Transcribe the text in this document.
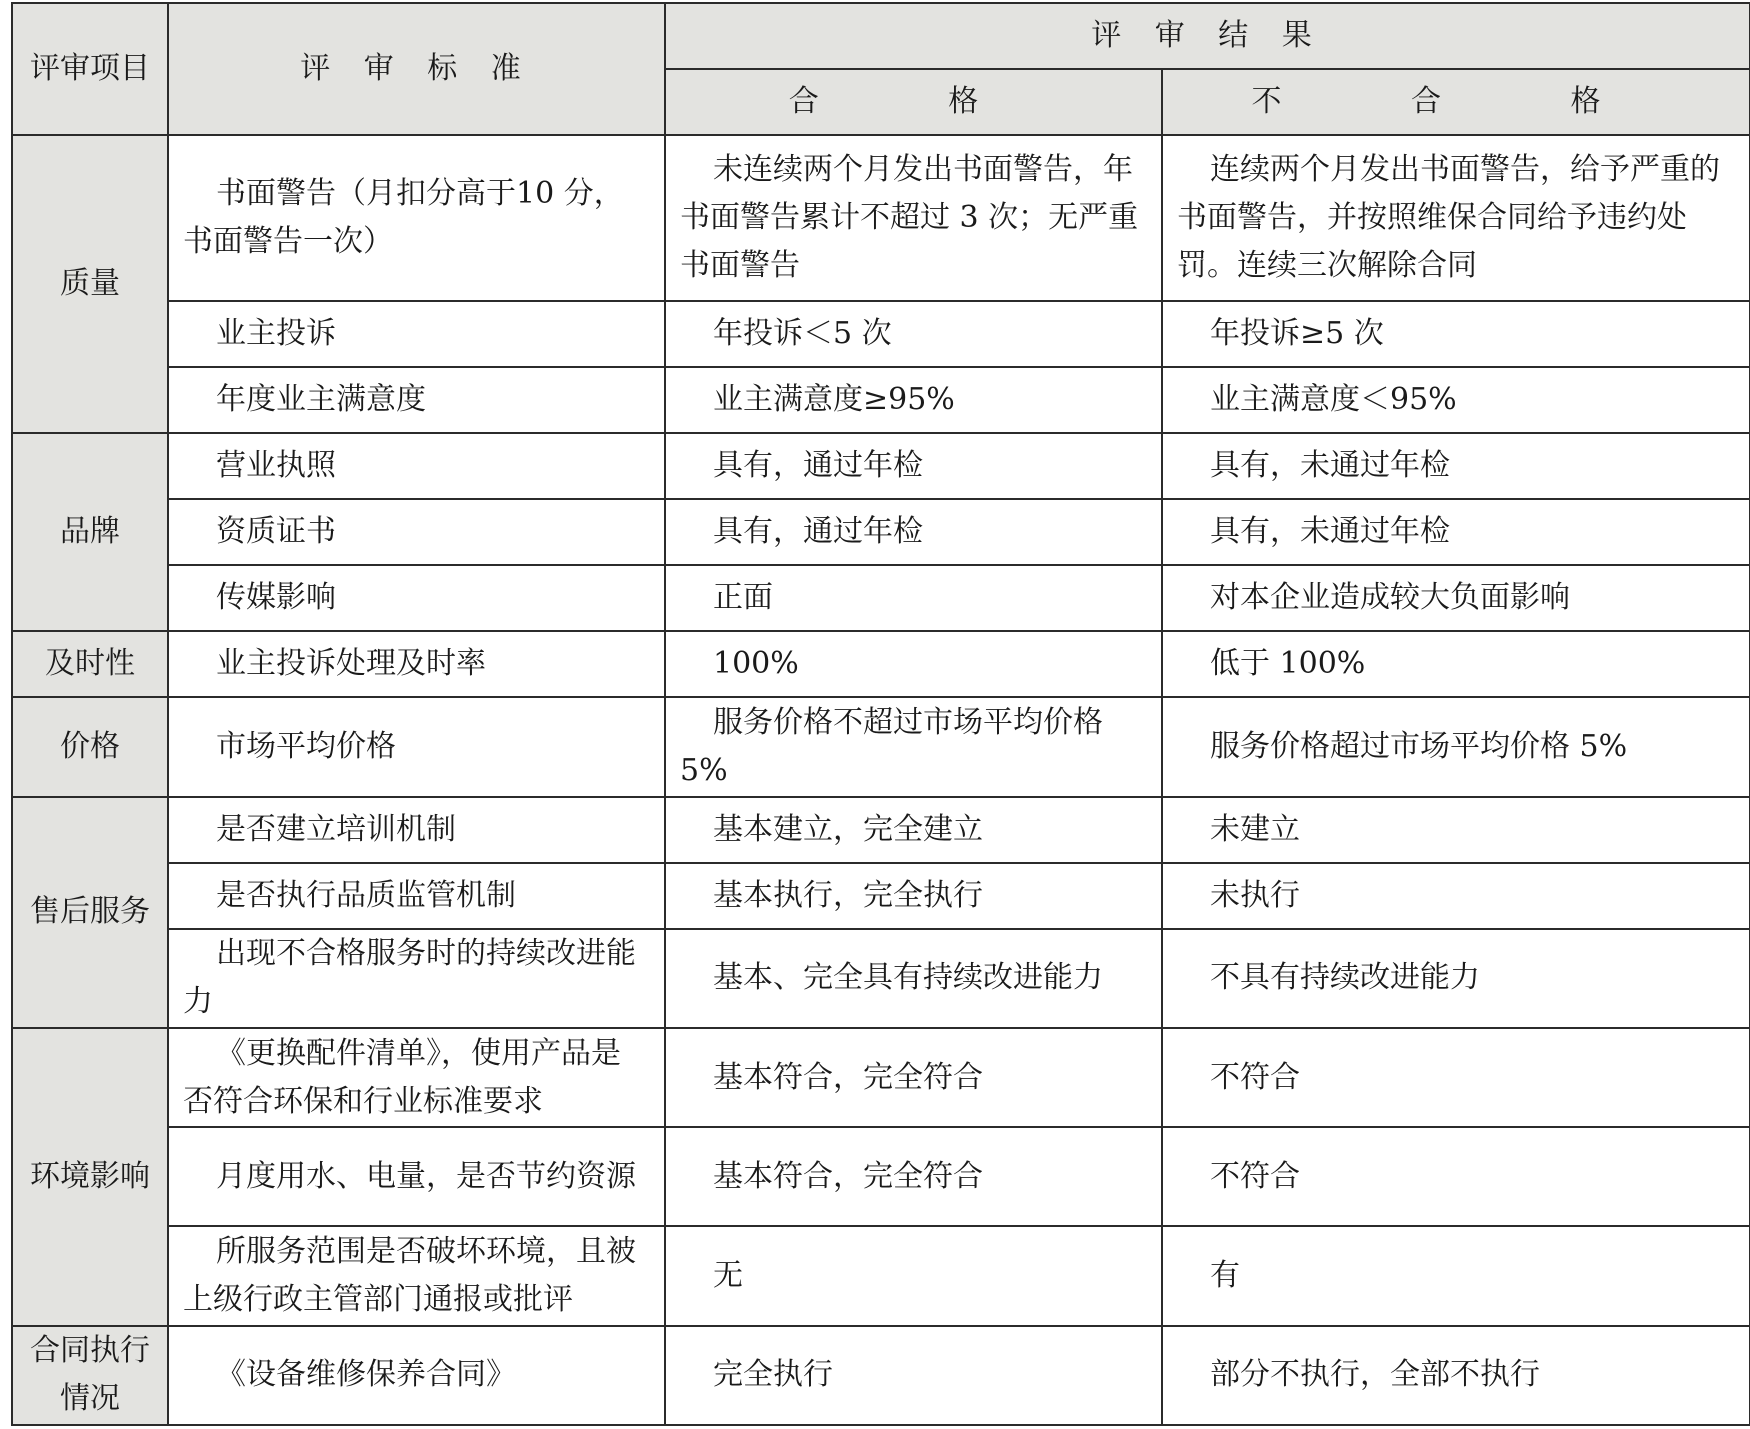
评审项目	评 审 标 准	评 审 结 果	
		合 格	不 合 格
质量	书面警告（月扣分高于10 分，书面警告一次）	未连续两个月发出书面警告，年书面警告累计不超过 3 次；无严重书面警告	连续两个月发出书面警告，给予严重的书面警告，并按照维保合同给予违约处罚。连续三次解除合同
	业主投诉	年投诉＜5 次	年投诉≥5 次
	年度业主满意度	业主满意度≥95%	业主满意度＜95%
品牌	营业执照	具有，通过年检	具有，未通过年检
	资质证书	具有，通过年检	具有，未通过年检
	传媒影响	正面	对本企业造成较大负面影响
及时性	业主投诉处理及时率	100%	低于 100%
价格	市场平均价格	服务价格不超过市场平均价格 5%	服务价格超过市场平均价格 5%
售后服务	是否建立培训机制	基本建立，完全建立	未建立
	是否执行品质监管机制	基本执行，完全执行	未执行
	出现不合格服务时的持续改进能力	基本、完全具有持续改进能力	不具有持续改进能力
环境影响	《更换配件清单》，使用产品是否符合环保和行业标准要求	基本符合，完全符合	不符合
	月度用水、电量，是否节约资源	基本符合，完全符合	不符合
	所服务范围是否破坏环境，且被上级行政主管部门通报或批评	无	有
合同执行情况	《设备维修保养合同》	完全执行	部分不执行，全部不执行
